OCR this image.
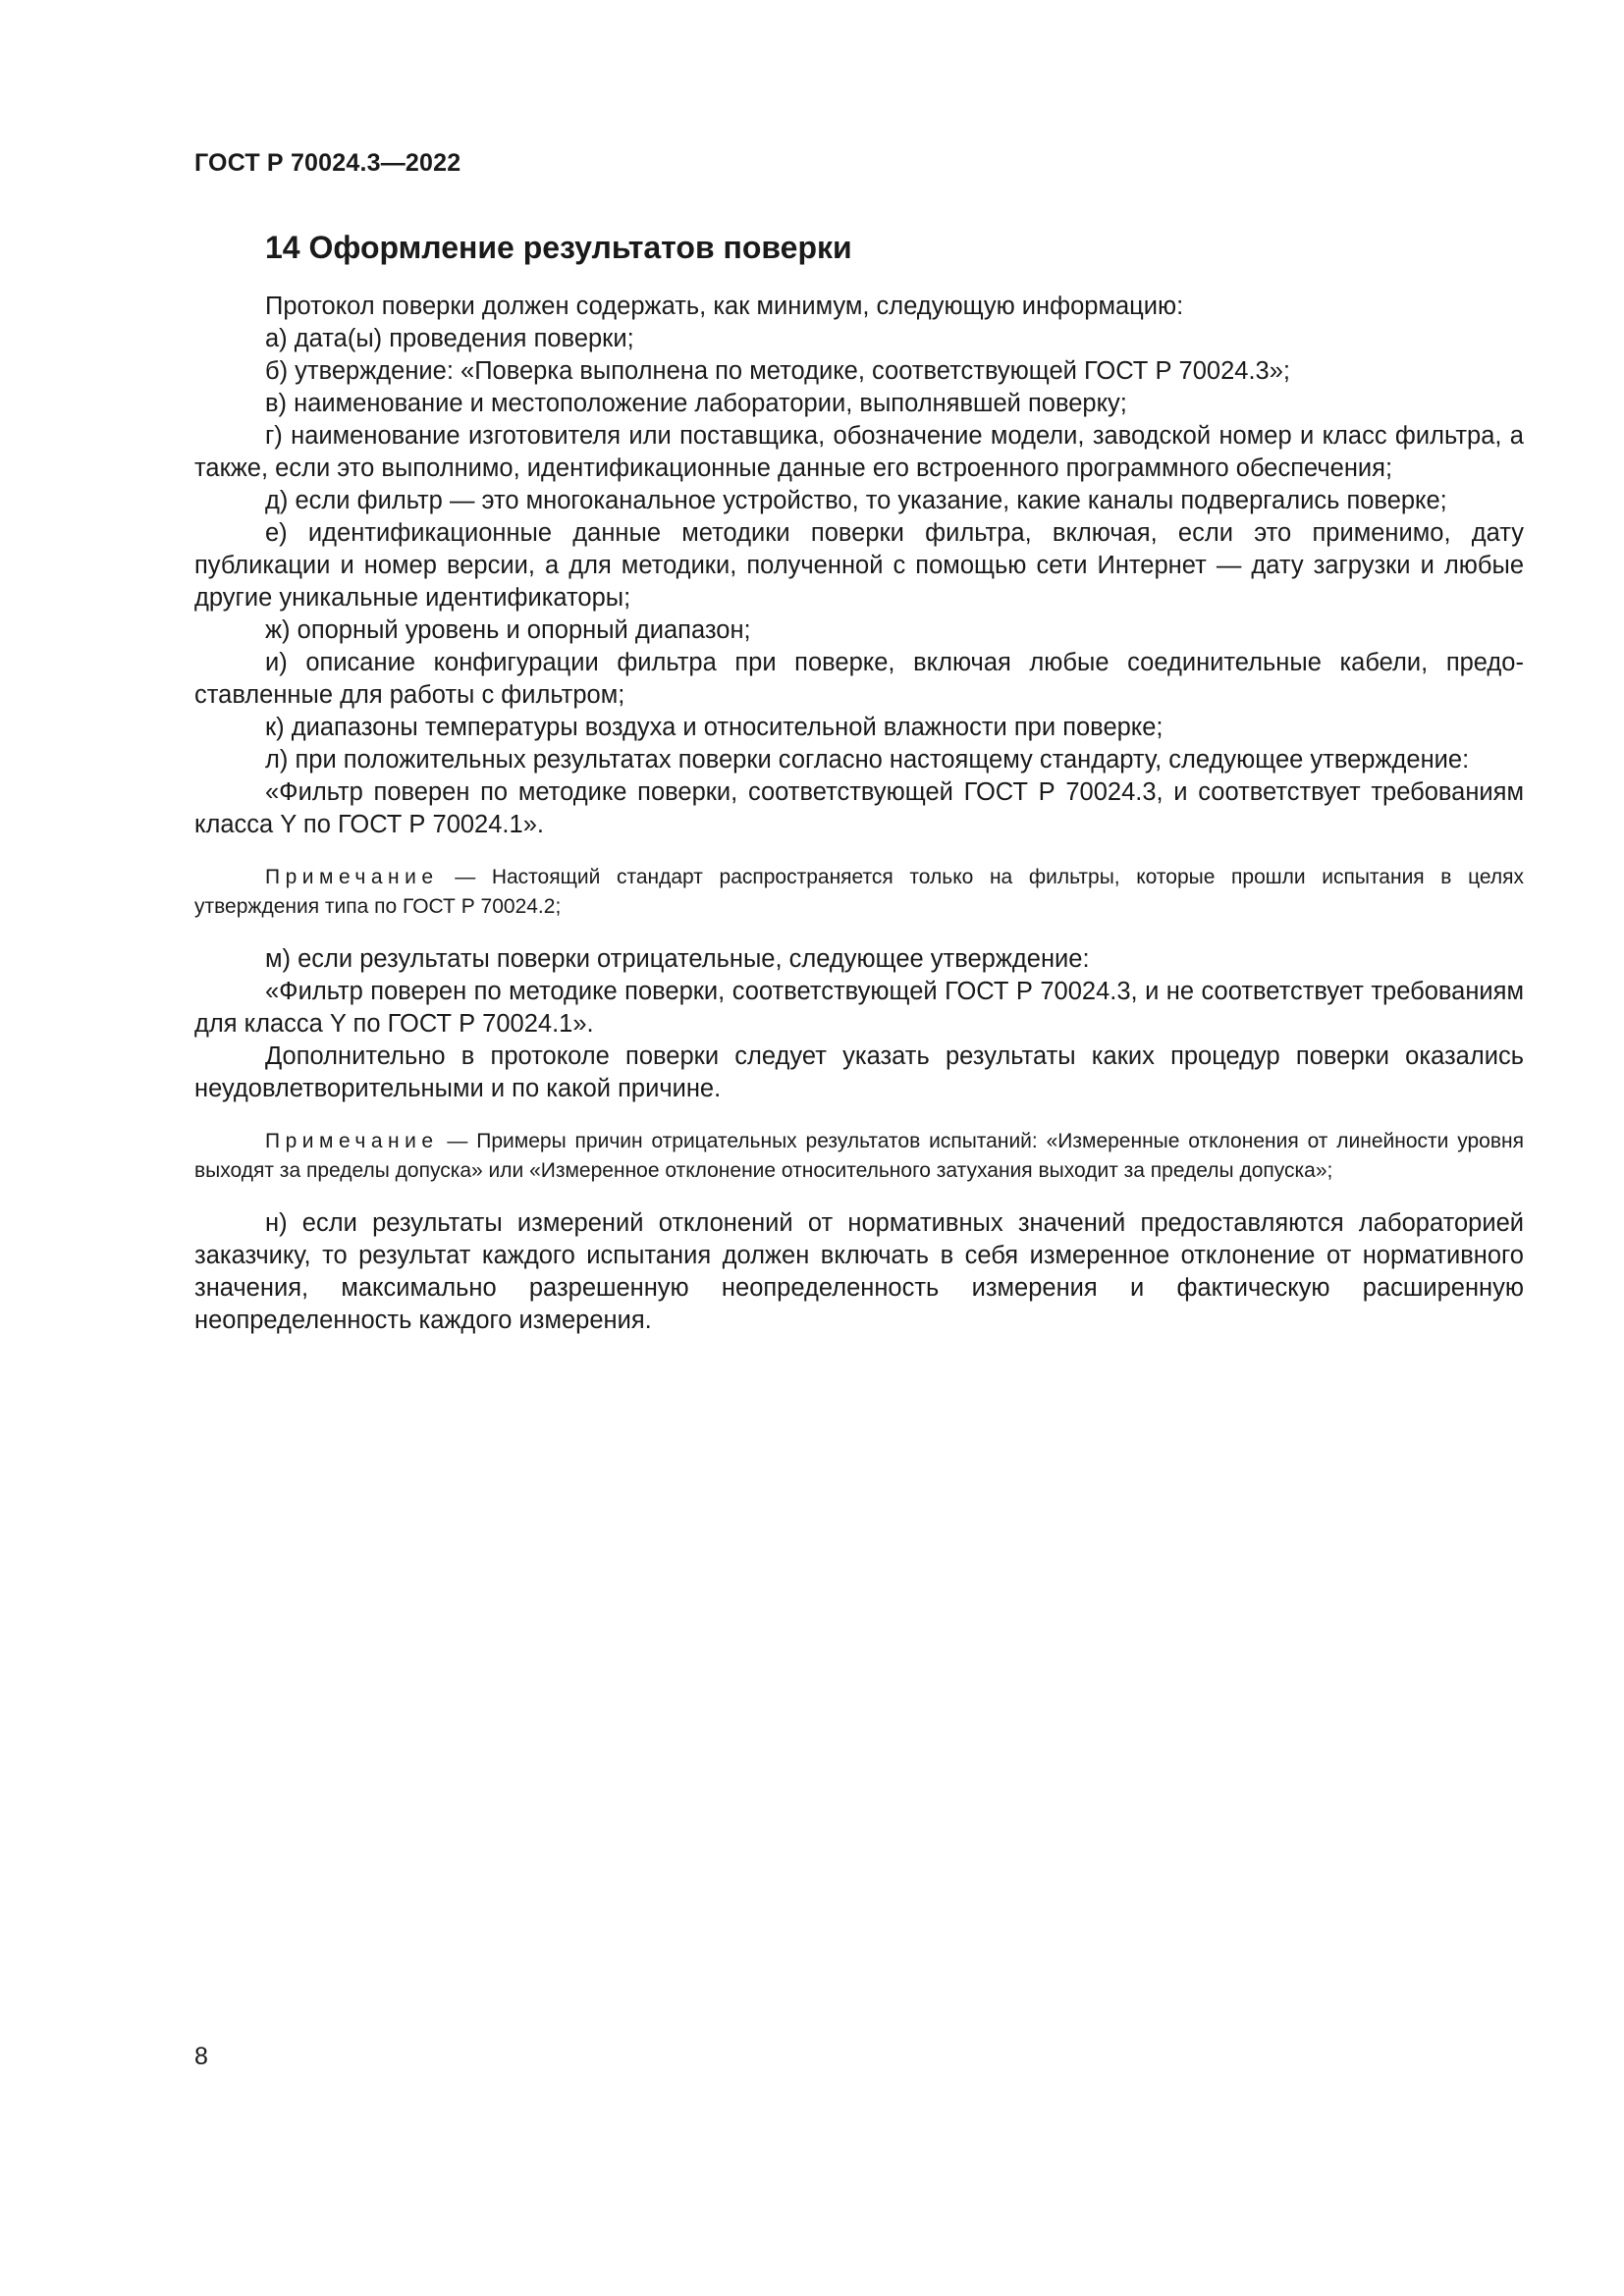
ГОСТ Р 70024.3—2022
14 Оформление результатов поверки

Протокол поверки должен содержать, как минимум, следующую информацию:

а) дата(ы) проведения поверки;

б) утверждение: «Поверка выполнена по методике, соответствующей ГОСТ Р 70024.3»;

в) наименование и местоположение лаборатории, выполнявшей поверку;

г) наименование изготовителя или поставщика, обозначение модели, заводской номер и класс фильтра, а также, если это выполнимо, идентификационные данные его встроенного программного обеспечения;

д) если фильтр — это многоканальное устройство, то указание, какие каналы подвергались поверке;

е) идентификационные данные методики поверки фильтра, включая, если это применимо, дату публикации и номер версии, а для методики, полученной с помощью сети Интернет — дату загрузки и любые другие уникальные идентификаторы;

ж) опорный уровень и опорный диапазон;

и) описание конфигурации фильтра при поверке, включая любые соединительные кабели, предоставленные для работы с фильтром;

к) диапазоны температуры воздуха и относительной влажности при поверке;

л) при положительных результатах поверки согласно настоящему стандарту, следующее утверждение:

«Фильтр поверен по методике поверки, соответствующей ГОСТ Р 70024.3, и соответствует требованиям класса Y по ГОСТ Р 70024.1».

Примечание — Настоящий стандарт распространяется только на фильтры, которые прошли испытания в целях утверждения типа по ГОСТ Р 70024.2;

м) если результаты поверки отрицательные, следующее утверждение:

«Фильтр поверен по методике поверки, соответствующей ГОСТ Р 70024.3, и не соответствует требованиям для класса Y по ГОСТ Р 70024.1».

Дополнительно в протоколе поверки следует указать результаты каких процедур поверки оказались неудовлетворительными и по какой причине.

Примечание — Примеры причин отрицательных результатов испытаний: «Измеренные отклонения от линейности уровня выходят за пределы допуска» или «Измеренное отклонение относительного затухания выходит за пределы допуска»;

н) если результаты измерений отклонений от нормативных значений предоставляются лабораторией заказчику, то результат каждого испытания должен включать в себя измеренное отклонение от нормативного значения, максимально разрешенную неопределенность измерения и фактическую расширенную неопределенность каждого измерения.

8
